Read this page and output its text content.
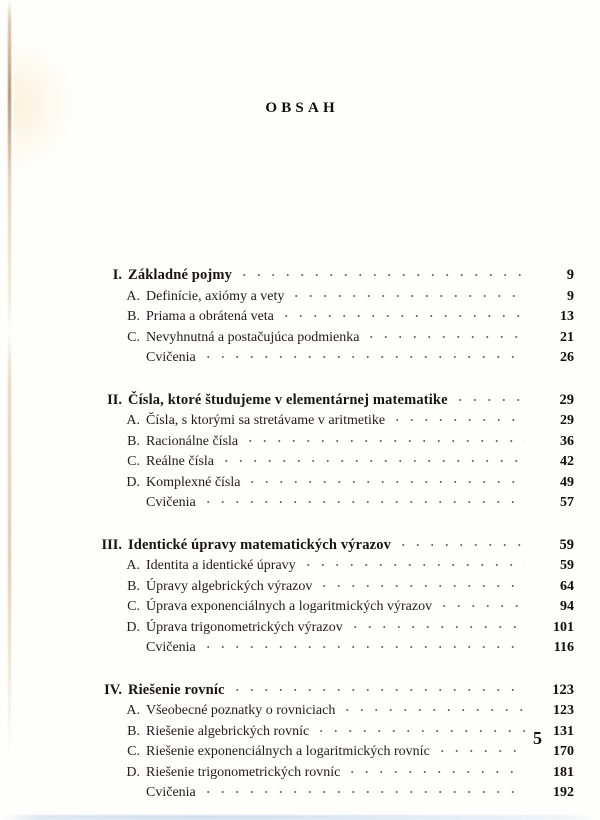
OBSAH
I. Základné pojmy	9
A. Definície, axiómy a vety	9
B. Priama a obrátená veta	13
C. Nevyhnutná a postačujúca podmienka	21
Cvičenia	26
II. Čísla, ktoré študujeme v elementárnej matematike	29
A. Čísla, s ktorými sa stretávame v aritmetike	29
B. Racionálne čísla	36
C. Reálne čísla	42
D. Komplexné čísla	49
Cvičenia	57
III. Identické úpravy matematických výrazov	59
A. Identita a identické úpravy	59
B. Úpravy algebrických výrazov	64
C. Úprava exponenciálnych a logaritmických výrazov	94
D. Úprava trigonometrických výrazov	101
Cvičenia	116
IV. Riešenie rovníc	123
A. Všeobecné poznatky o rovniciach	123
B. Riešenie algebrických rovníc	131
C. Riešenie exponenciálnych a logaritmických rovníc	170
D. Riešenie trigonometrických rovníc	181
Cvičenia	192
5
